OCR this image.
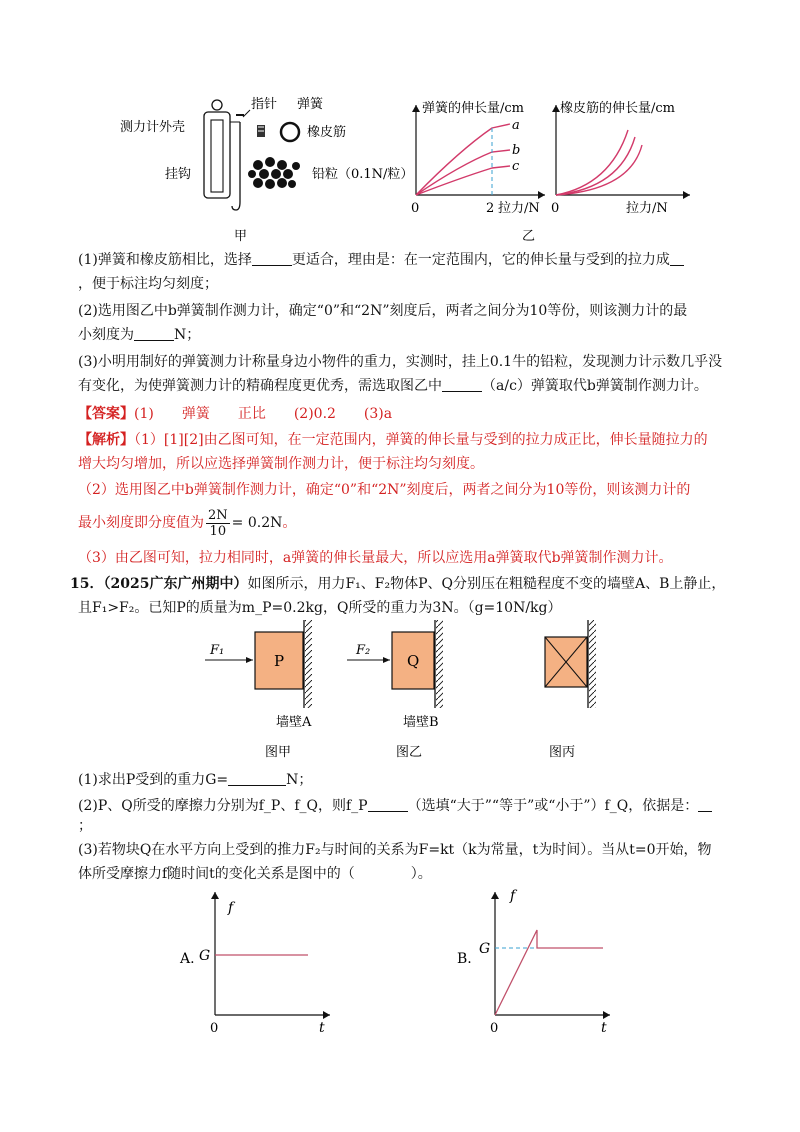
测力计外壳
指针 弹簧
橡皮筋
挂钩	铅粒（0.1N/粒）
甲
弹簧的伸长量/cm
a
b
c
0	2 拉力/N
橡皮筋的伸长量/cm
0	拉力/N
乙
(1)弹簧和橡皮筋相比，选择	更适合，理由是：在一定范围内，它的伸长量与受到的拉力成
，便于标注均匀刻度；
(2)选用图乙中b弹簧制作测力计，确定“0”和“2N”刻度后，两者之间分为10等份，则该测力计的最
小刻度为	N；
(3)小明用制好的弹簧测力计称量身边小物件的重力，实测时，挂上0.1牛的铅粒，发现测力计示数几乎没
有变化，为使弹簧测力计的精确程度更优秀，需选取图乙中	（a/c）弹簧取代b弹簧制作测力计。
【答案】(1)　　弹簧　　正比　　(2)0.2　　(3)a
【解析】（1）[1][2]由乙图可知，在一定范围内，弹簧的伸长量与受到的拉力成正比，伸长量随拉力的
增大均匀增加，所以应选择弹簧制作测力计，便于标注均匀刻度。
（2）选用图乙中b弹簧制作测力计，确定“0”和“2N”刻度后，两者之间分为10等份，则该测力计的
最小刻度即分度值为 $\frac{2N}{10} = 0.2N$。
（3）由乙图可知，拉力相同时，a弹簧的伸长量最大，所以应选用a弹簧取代b弹簧制作测力计。
15．（2025广东广州期中）如图所示，用力F₁、F₂物体P、Q分别压在粗糙程度不变的墙壁A、B上静止，
且F₁>F₂。已知P的质量为m_P=0.2kg，Q所受的重力为3N。（g=10N/kg）
F₁
P
墙壁A
图甲
F₂
Q
墙壁B
图乙	图丙
(1)求出P受到的重力G=	N；
(2)P、Q所受的摩擦力分别为f_P、f_Q，则f_P	（选填“大于”“等于”或“小于”）f_Q，依据是：
；
(3)若物块Q在水平方向上受到的推力F₂与时间的关系为F=kt（k为常量，t为时间）。当从t=0开始，物
体所受摩擦力f随时间t的变化关系是图中的（　　　　）。
A.
f
G
0	t
B.
f
G
0	t
